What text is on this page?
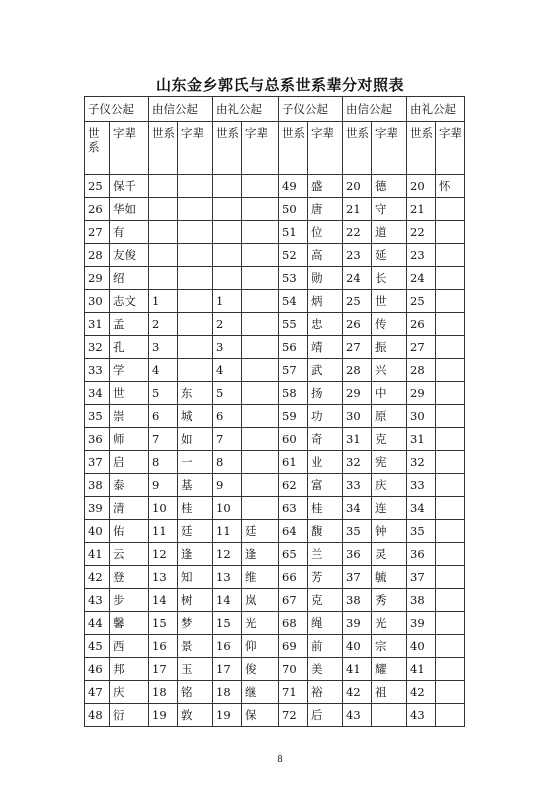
山东金乡郭氏与总系世系辈分对照表
子仪公起		由信公起		由礼公起		子仪公起		由信公起		由礼公起	
世系	字辈	世系	字辈	世系	字辈	世系	字辈	世系	字辈	世系	字辈
25	保千					49	盛	20	德	20	怀
26	华如					50	唐	21	守	21	
27	有					51	位	22	道	22	
28	友俊					52	高	23	延	23	
29	绍					53	勋	24	长	24	
30	志文	1		1		54	炳	25	世	25	
31	孟	2		2		55	忠	26	传	26	
32	孔	3		3		56	靖	27	振	27	
33	学	4		4		57	武	28	兴	28	
34	世	5	东	5		58	扬	29	中	29	
35	崇	6	城	6		59	功	30	原	30	
36	师	7	如	7		60	奇	31	克	31	
37	启	8	一	8		61	业	32	宪	32	
38	泰	9	基	9		62	富	33	庆	33	
39	清	10	桂	10		63	桂	34	连	34	
40	佑	11	廷	11	廷	64	馥	35	钟	35	
41	云	12	逢	12	逢	65	兰	36	灵	36	
42	登	13	知	13	维	66	芳	37	毓	37	
43	步	14	树	14	岚	67	克	38	秀	38	
44	馨	15	梦	15	光	68	绳	39	光	39	
45	西	16	景	16	仰	69	前	40	宗	40	
46	邦	17	玉	17	俊	70	美	41	耀	41	
47	庆	18	铭	18	继	71	裕	42	祖	42	
48	衍	19	敦	19	保	72	后	43		43	
8
